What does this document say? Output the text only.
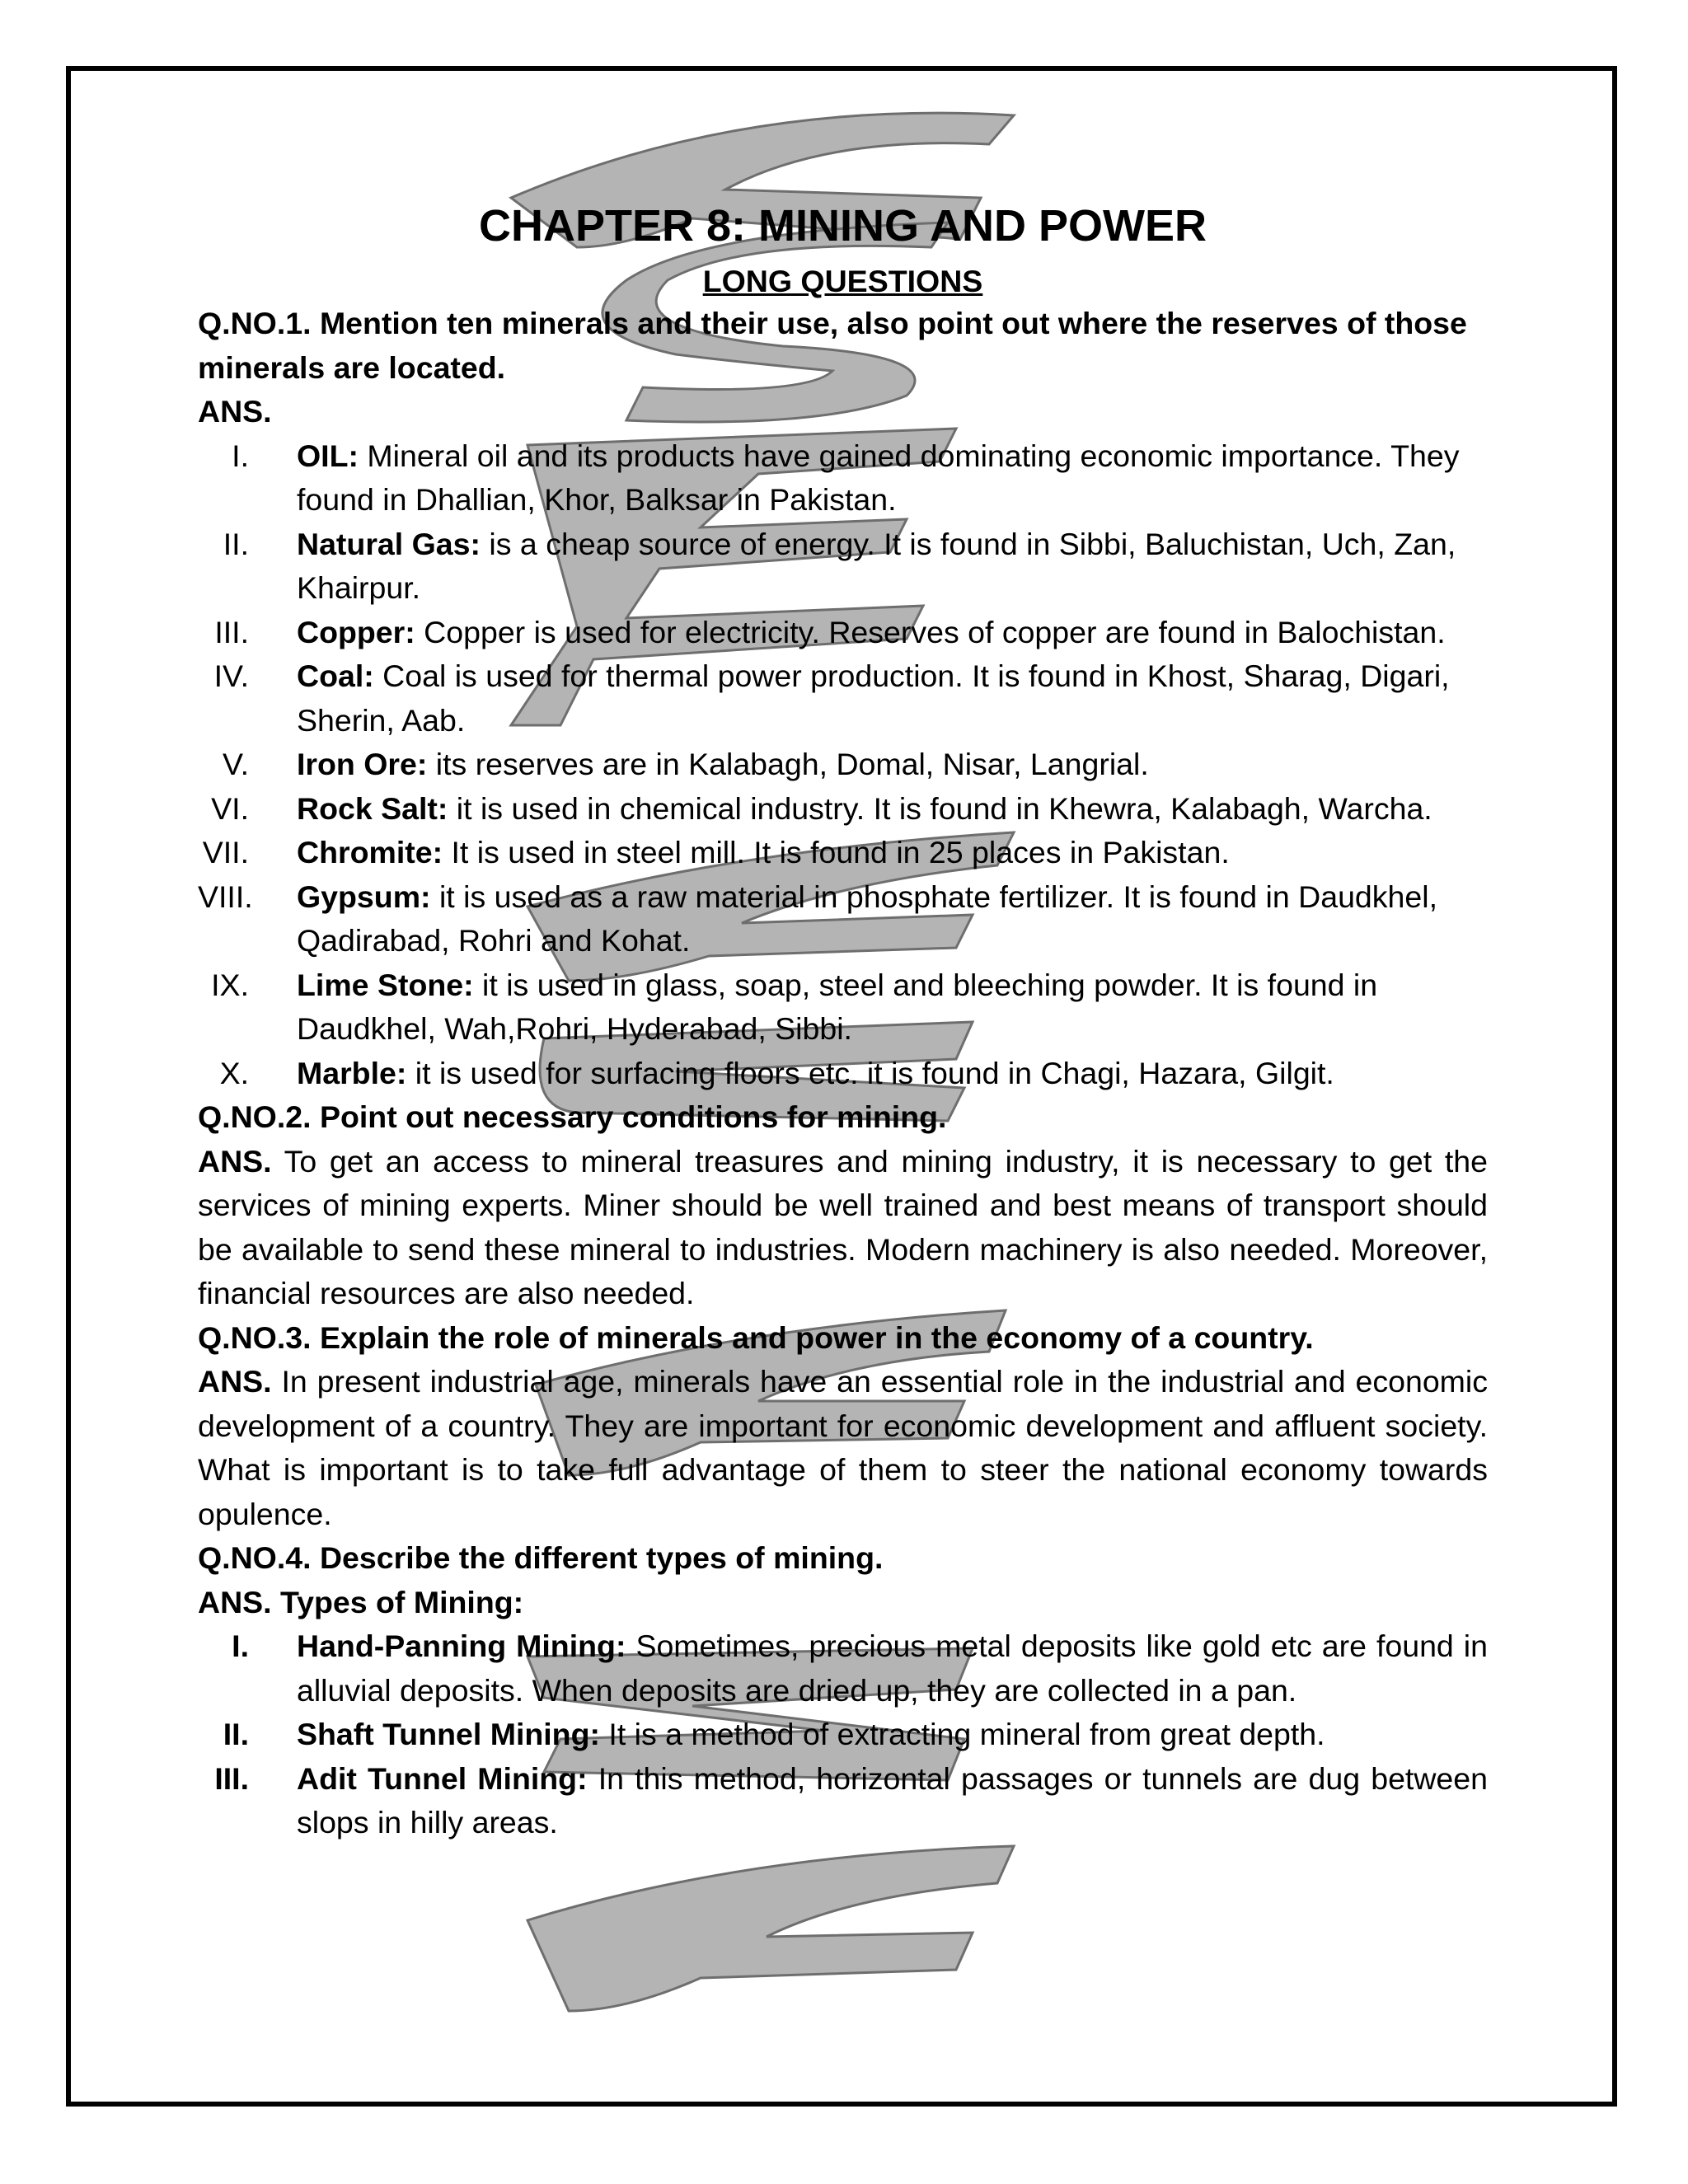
CHAPTER 8: MINING AND POWER
LONG QUESTIONS
Q.NO.1. Mention ten minerals and their use, also point out where the reserves of those minerals are located.
ANS.
I. OIL: Mineral oil and its products have gained dominating economic importance. They found in Dhallian, Khor, Balksar in Pakistan.
II. Natural Gas: is a cheap source of energy. It is found in Sibbi, Baluchistan, Uch, Zan, Khairpur.
III. Copper: Copper is used for electricity. Reserves of copper are found in Balochistan.
IV. Coal: Coal is used for thermal power production. It is found in Khost, Sharag, Digari, Sherin, Aab.
V. Iron Ore: its reserves are in Kalabagh, Domal, Nisar, Langrial.
VI. Rock Salt: it is used in chemical industry. It is found in Khewra, Kalabagh, Warcha.
VII. Chromite: It is used in steel mill. It is found in 25 places in Pakistan.
VIII. Gypsum: it is used as a raw material in phosphate fertilizer. It is found in Daudkhel, Qadirabad, Rohri and Kohat.
IX. Lime Stone: it is used in glass, soap, steel and bleeching powder. It is found in Daudkhel, Wah,Rohri, Hyderabad, Sibbi.
X. Marble: it is used for surfacing floors etc. it is found in Chagi, Hazara, Gilgit.
Q.NO.2. Point out necessary conditions for mining.
ANS. To get an access to mineral treasures and mining industry, it is necessary to get the services of mining experts. Miner should be well trained and best means of transport should be available to send these mineral to industries. Modern machinery is also needed. Moreover, financial resources are also needed.
Q.NO.3. Explain the role of minerals and power in the economy of a country.
ANS. In present industrial age, minerals have an essential role in the industrial and economic development of a country. They are important for economic development and affluent society. What is important is to take full advantage of them to steer the national economy towards opulence.
Q.NO.4. Describe the different types of mining.
ANS. Types of Mining:
I. Hand-Panning Mining: Sometimes, precious metal deposits like gold etc are found in alluvial deposits. When deposits are dried up, they are collected in a pan.
II. Shaft Tunnel Mining: It is a method of extracting mineral from great depth.
III. Adit Tunnel Mining: In this method, horizontal passages or tunnels are dug between slops in hilly areas.
